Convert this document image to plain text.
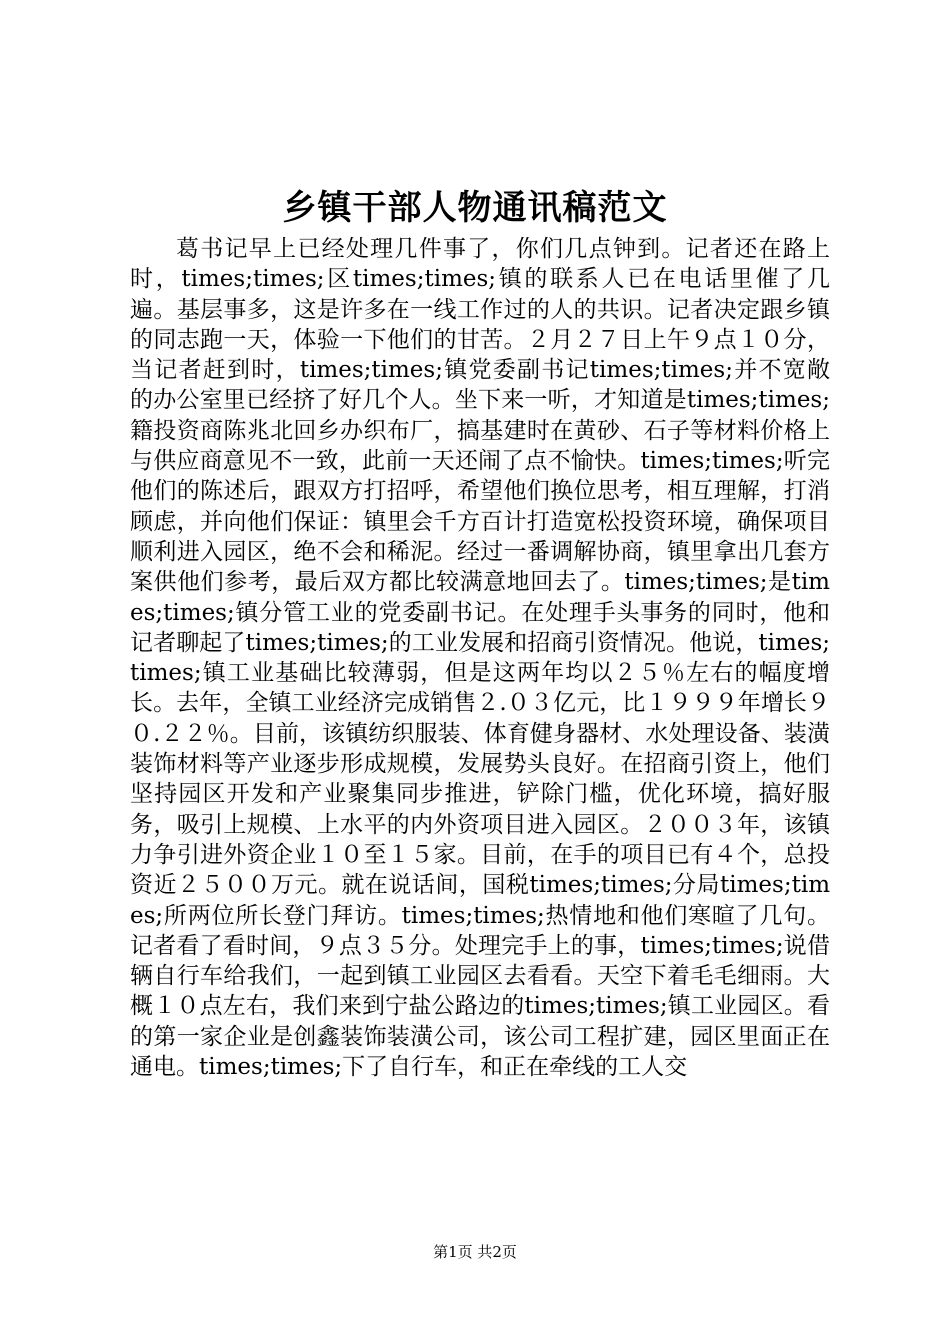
乡镇干部人物通讯稿范文

葛书记早上已经处理几件事了，你们几点钟到。记者还在路上时，times;times;区times;times;镇的联系人已在电话里催了几遍。基层事多，这是许多在一线工作过的人的共识。记者决定跟乡镇的同志跑一天，体验一下他们的甘苦。２月２７日上午９点１０分，当记者赶到时，times;times;镇党委副书记times;times;并不宽敞的办公室里已经挤了好几个人。坐下来一听，才知道是times;times;籍投资商陈兆北回乡办织布厂，搞基建时在黄砂、石子等材料价格上与供应商意见不一致，此前一天还闹了点不愉快。times;times;听完他们的陈述后，跟双方打招呼，希望他们换位思考，相互理解，打消顾虑，并向他们保证：镇里会千方百计打造宽松投资环境，确保项目顺利进入园区，绝不会和稀泥。经过一番调解协商，镇里拿出几套方案供他们参考，最后双方都比较满意地回去了。times;times;是times;times;镇分管工业的党委副书记。在处理手头事务的同时，他和记者聊起了times;times;的工业发展和招商引资情况。他说，times;times;镇工业基础比较薄弱，但是这两年均以２５％左右的幅度增长。去年，全镇工业经济完成销售２.０３亿元，比１９９９年增长９０.２２％。目前，该镇纺织服装、体育健身器材、水处理设备、装潢装饰材料等产业逐步形成规模，发展势头良好。在招商引资上，他们坚持园区开发和产业聚集同步推进，铲除门槛，优化环境，搞好服务，吸引上规模、上水平的内外资项目进入园区。２００３年，该镇力争引进外资企业１０至１５家。目前，在手的项目已有４个，总投资近２５００万元。就在说话间，国税times;times;分局times;times;所两位所长登门拜访。times;times;热情地和他们寒暄了几句。记者看了看时间，９点３５分。处理完手上的事，times;times;说借辆自行车给我们，一起到镇工业园区去看看。天空下着毛毛细雨。大概１０点左右，我们来到宁盐公路边的times;times;镇工业园区。看的第一家企业是创鑫装饰装潢公司，该公司工程扩建，园区里面正在通电。times;times;下了自行车，和正在牵线的工人交

第1页 共2页
